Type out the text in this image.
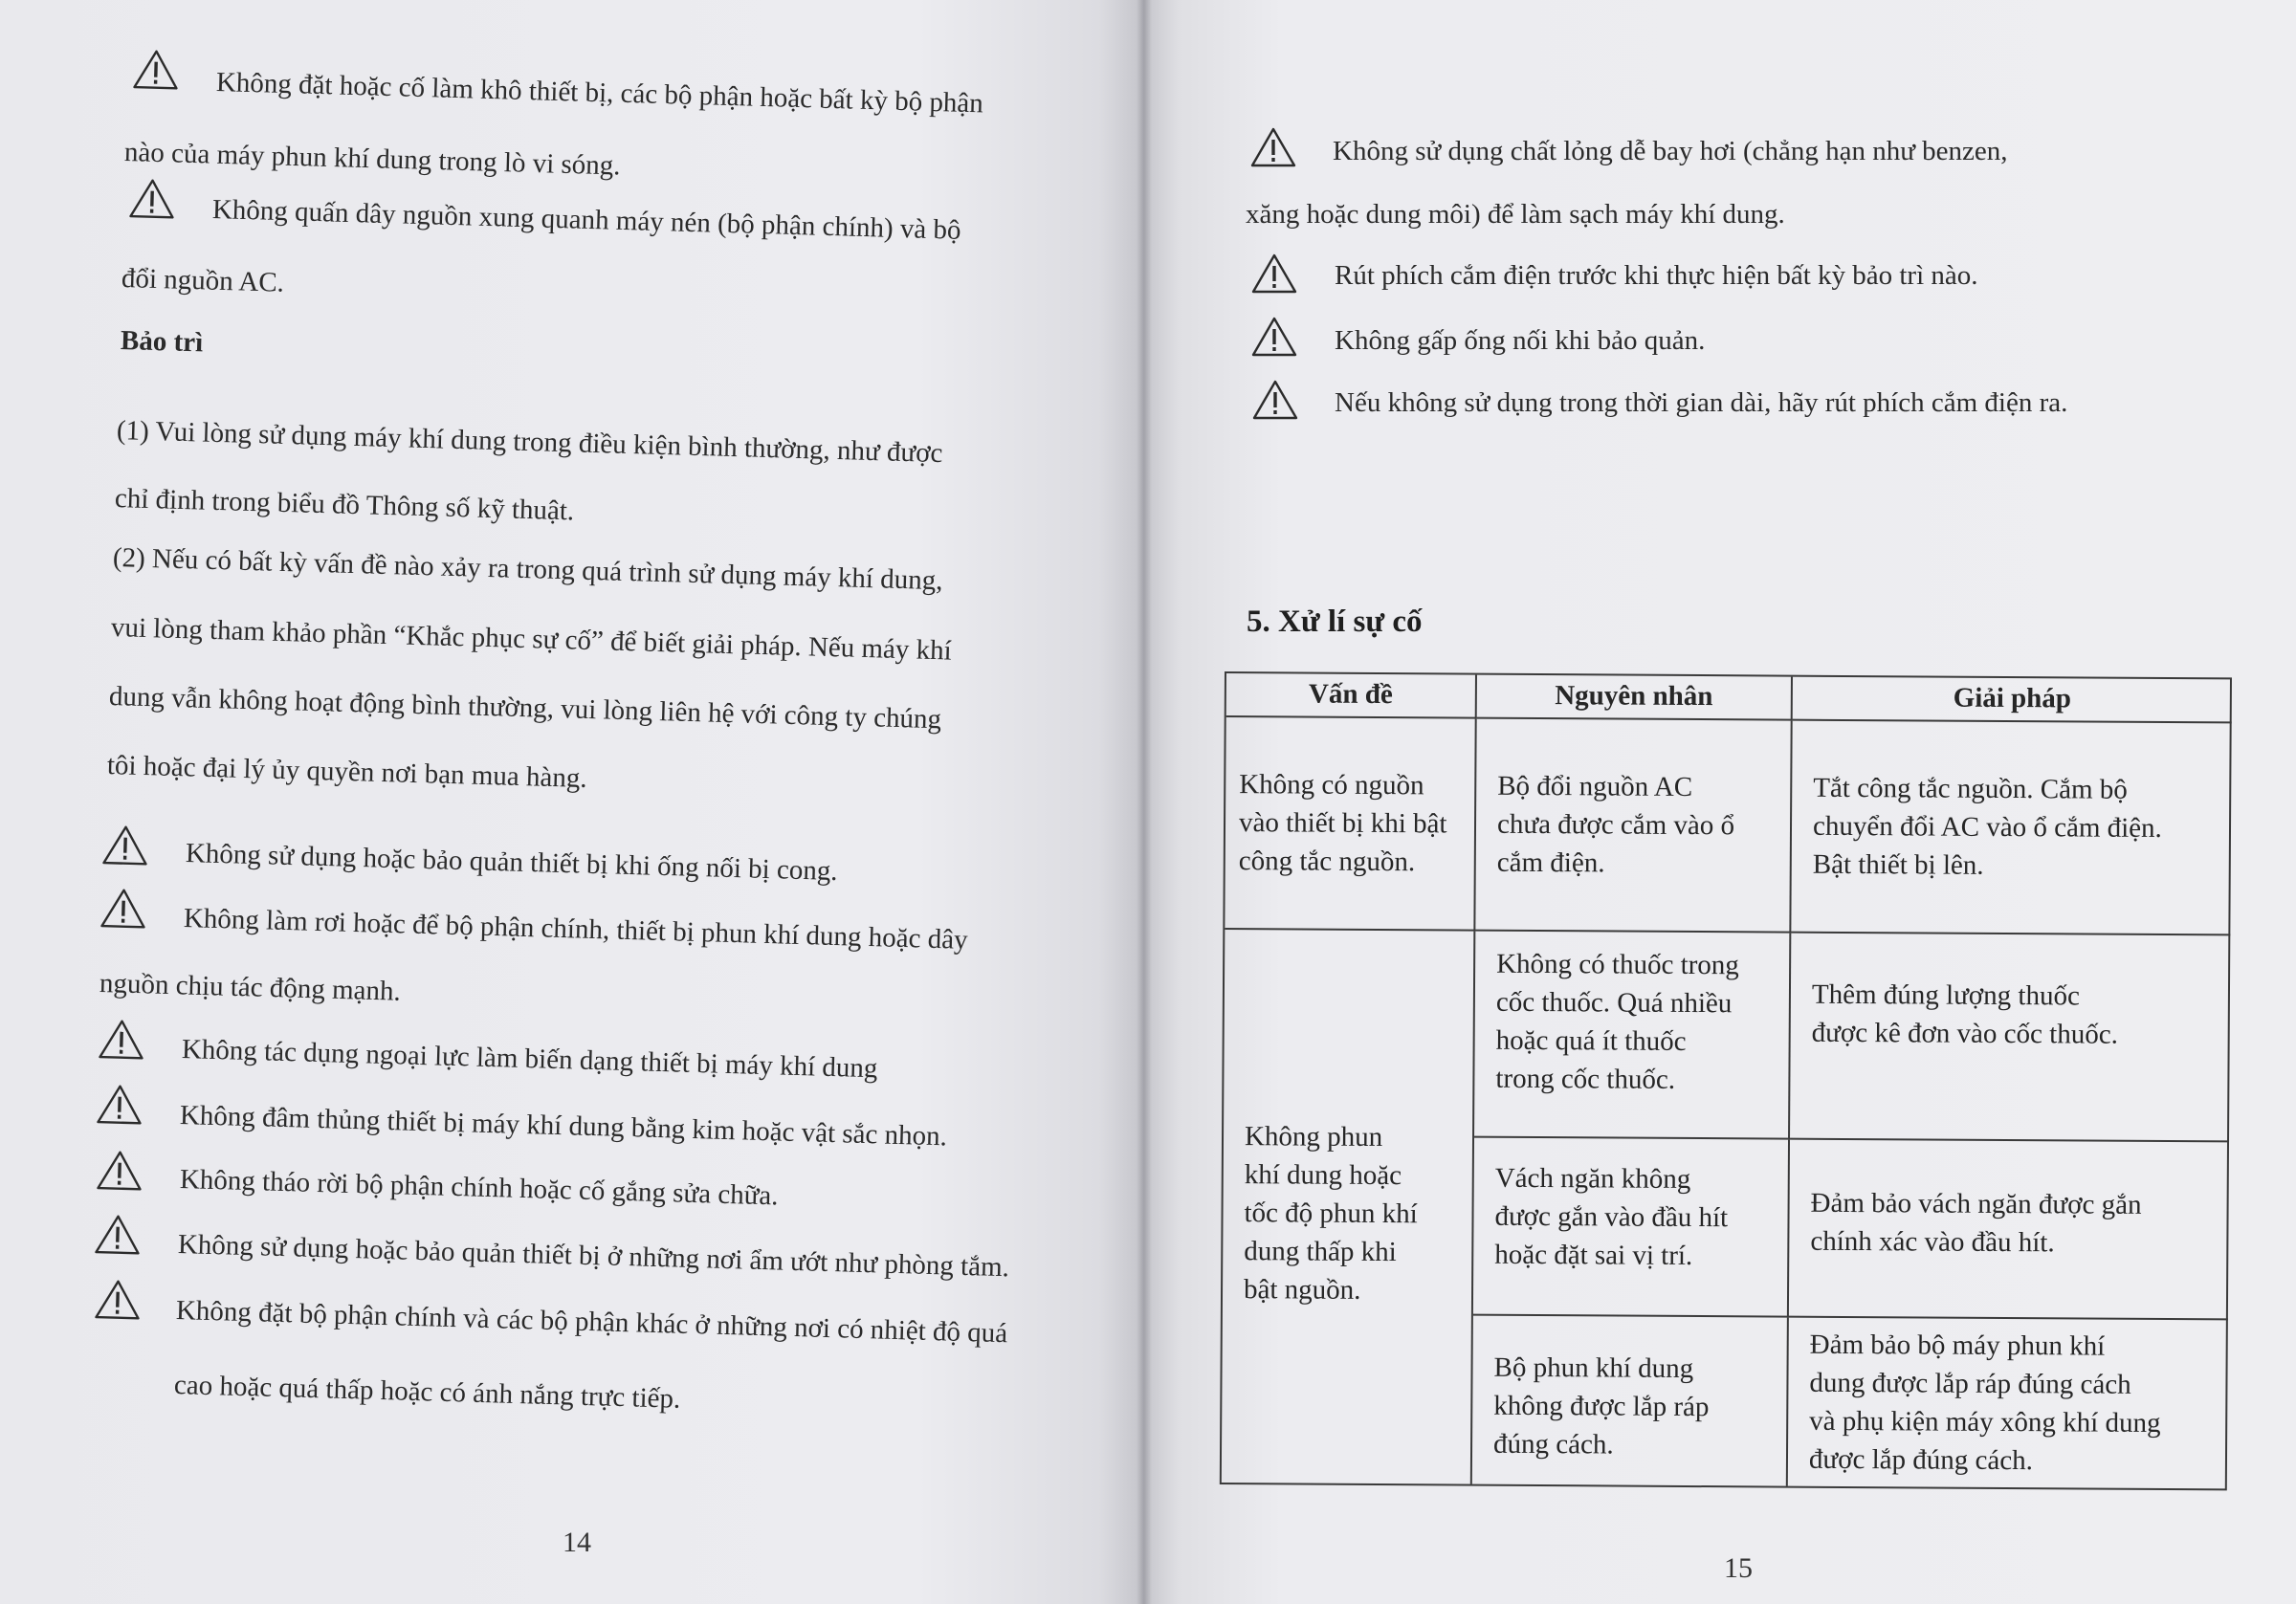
Không đặt hoặc cố làm khô thiết bị, các bộ phận hoặc bất kỳ bộ phận

nào của máy phun khí dung trong lò vi sóng.

Không quấn dây nguồn xung quanh máy nén (bộ phận chính) và bộ

đổi nguồn AC.

Bảo trì

(1) Vui lòng sử dụng máy khí dung trong điều kiện bình thường, như được

chỉ định trong biểu đồ Thông số kỹ thuật.

(2) Nếu có bất kỳ vấn đề nào xảy ra trong quá trình sử dụng máy khí dung,

vui lòng tham khảo phần “Khắc phục sự cố” để biết giải pháp. Nếu máy khí

dung vẫn không hoạt động bình thường, vui lòng liên hệ với công ty chúng

tôi hoặc đại lý ủy quyền nơi bạn mua hàng.

Không sử dụng hoặc bảo quản thiết bị khi ống nối bị cong.

Không làm rơi hoặc để bộ phận chính, thiết bị phun khí dung hoặc dây

nguồn chịu tác động mạnh.

Không tác dụng ngoại lực làm biến dạng thiết bị máy khí dung

Không đâm thủng thiết bị máy khí dung bằng kim hoặc vật sắc nhọn.

Không tháo rời bộ phận chính hoặc cố gắng sửa chữa.

Không sử dụng hoặc bảo quản thiết bị ở những nơi ẩm ướt như phòng tắm.

Không đặt bộ phận chính và các bộ phận khác ở những nơi có nhiệt độ quá

cao hoặc quá thấp hoặc có ánh nắng trực tiếp.

14

Không sử dụng chất lỏng dễ bay hơi (chẳng hạn như benzen,

xăng hoặc dung môi) để làm sạch máy khí dung.

Rút phích cắm điện trước khi thực hiện bất kỳ bảo trì nào.

Không gấp ống nối khi bảo quản.

Nếu không sử dụng trong thời gian dài, hãy rút phích cắm điện ra.

5. Xử lí sự cố

Vấn đề	Nguyên nhân	Giải pháp
Không có nguồn
vào thiết bị khi bật
công tắc nguồn.
Bộ đổi nguồn AC
chưa được cắm vào ổ
cắm điện.
Tắt công tắc nguồn. Cắm bộ
chuyển đổi AC vào ổ cắm điện.
Bật thiết bị lên.
Không phun
khí dung hoặc
tốc độ phun khí
dung thấp khi
bật nguồn.
Không có thuốc trong
cốc thuốc. Quá nhiều
hoặc quá ít thuốc
trong cốc thuốc.
Thêm đúng lượng thuốc
được kê đơn vào cốc thuốc.
Vách ngăn không
được gắn vào đầu hít
hoặc đặt sai vị trí.
Đảm bảo vách ngăn được gắn
chính xác vào đầu hít.
Bộ phun khí dung
không được lắp ráp
đúng cách.
Đảm bảo bộ máy phun khí
dung được lắp ráp đúng cách
và phụ kiện máy xông khí dung
được lắp đúng cách.

15
